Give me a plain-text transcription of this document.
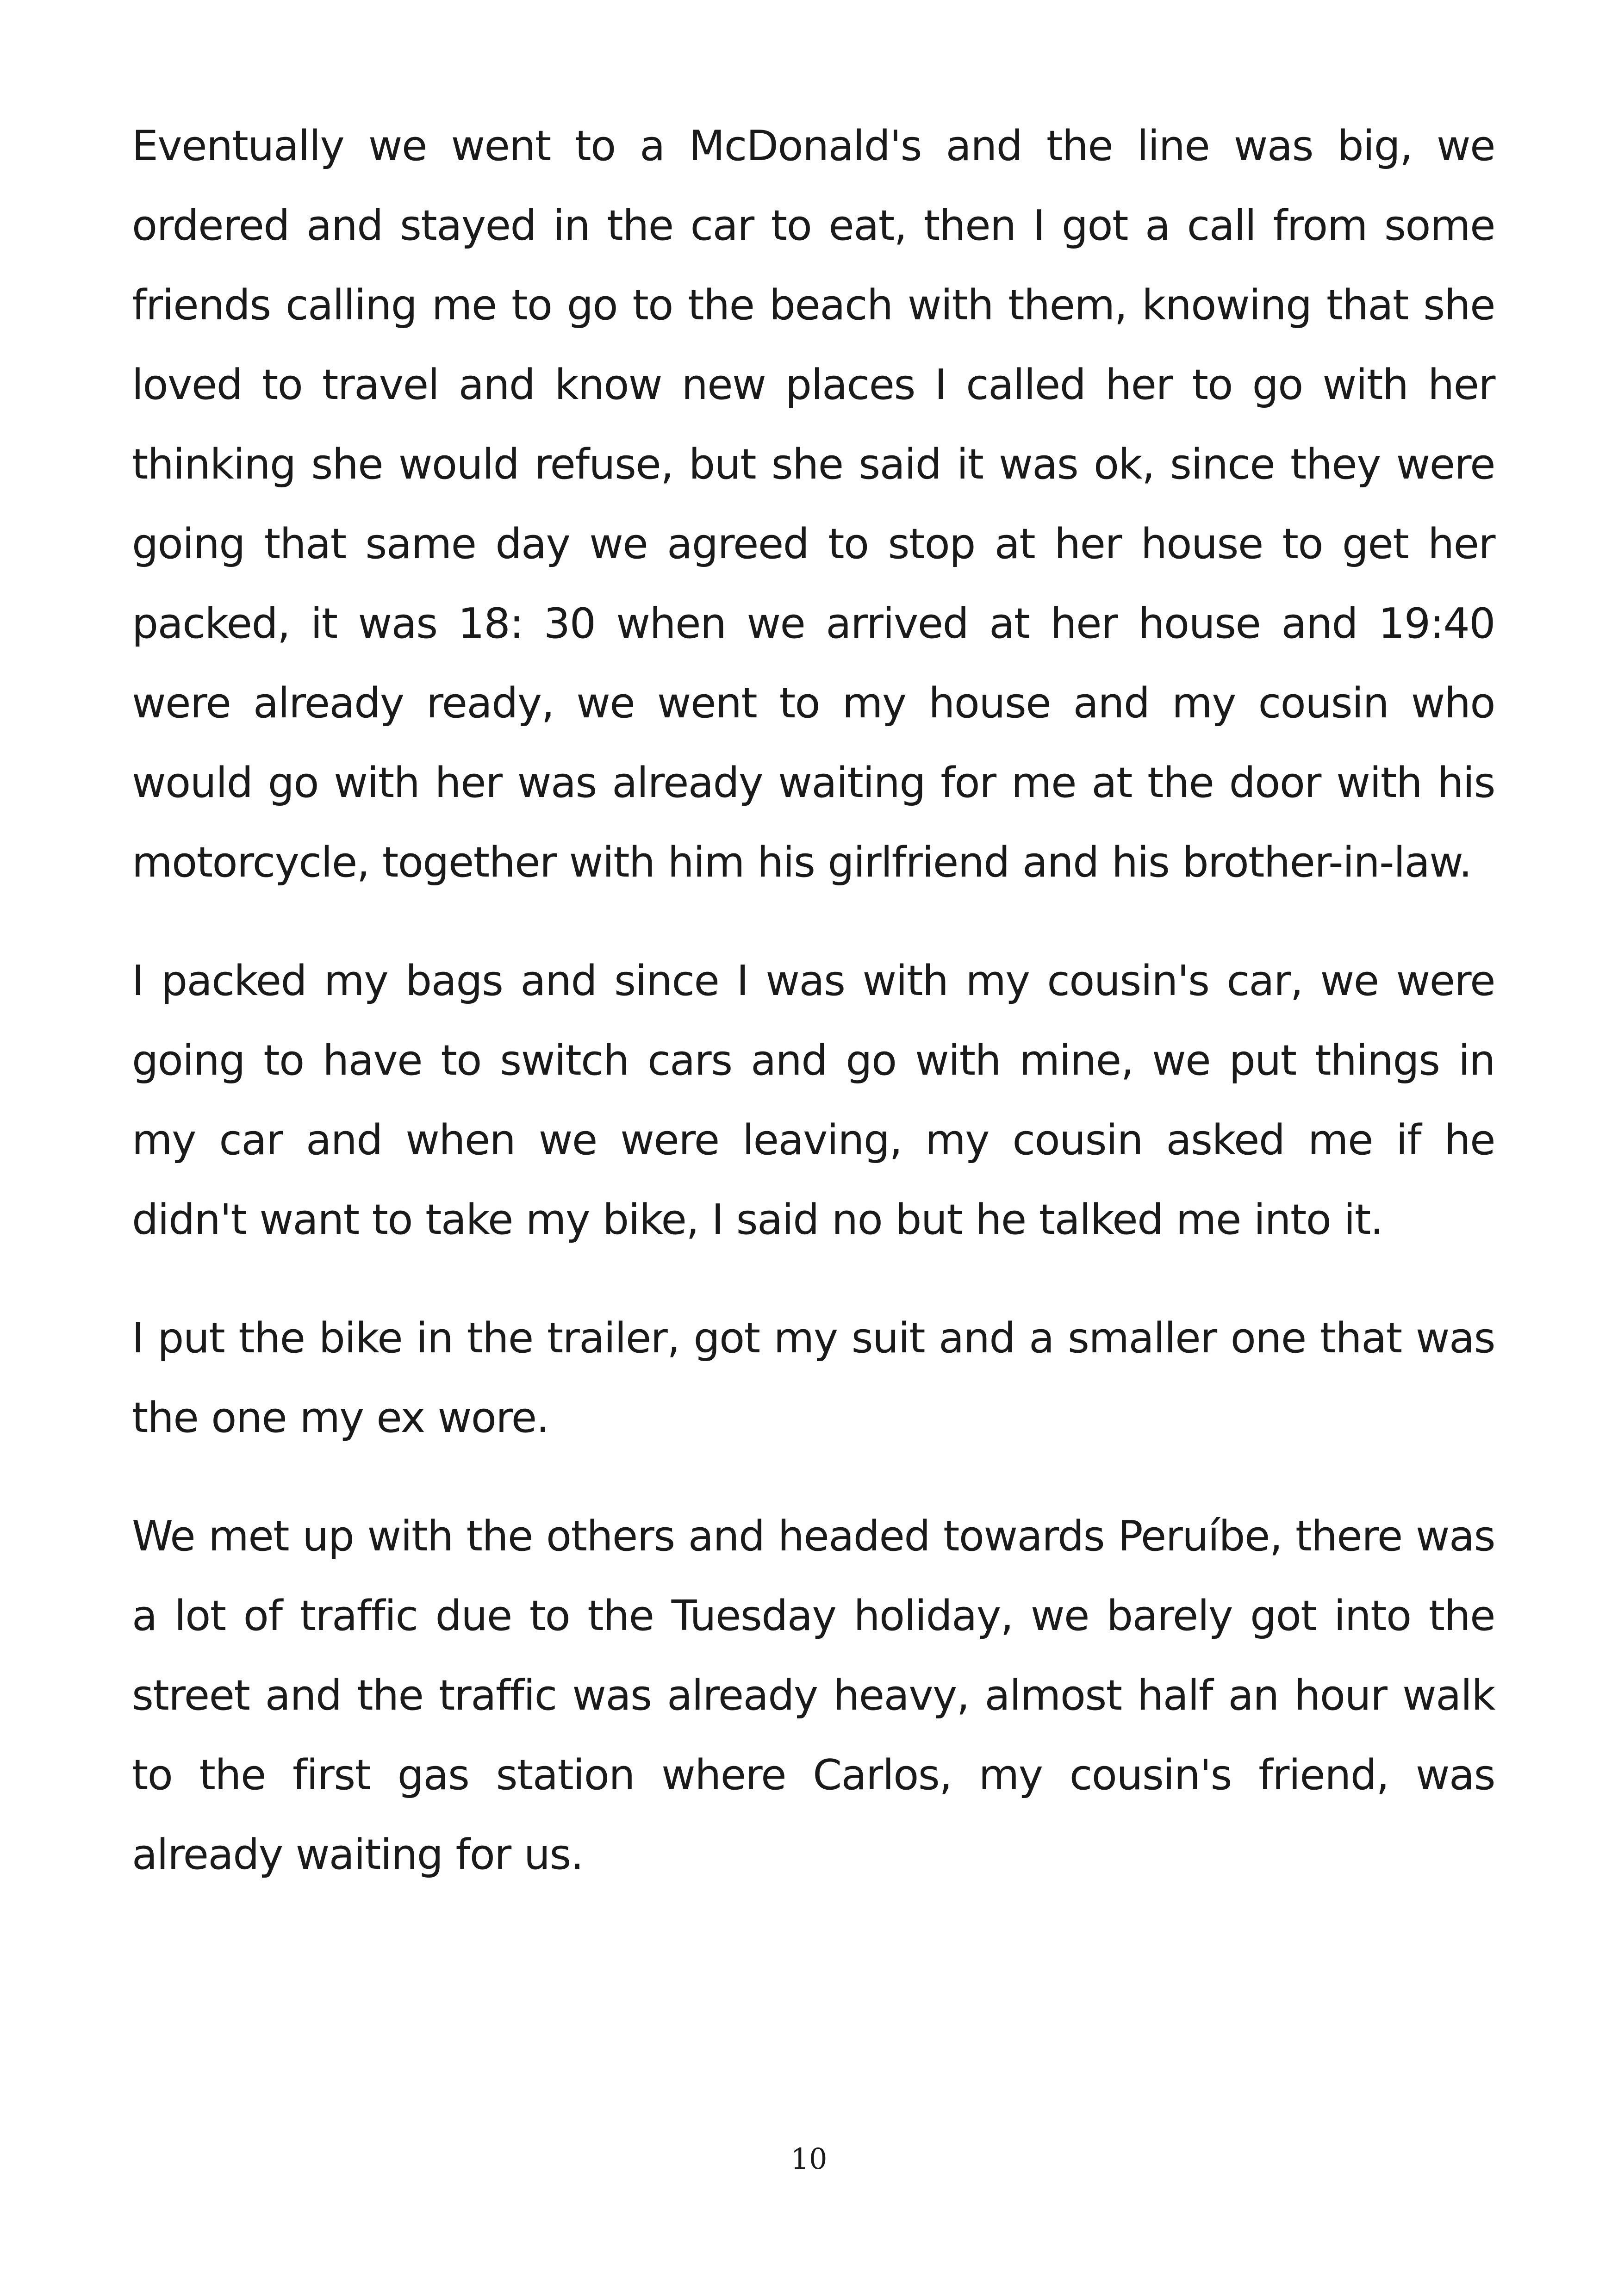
Eventually we went to a McDonald's and the line was big, we ordered and stayed in the car to eat, then I got a call from some friends calling me to go to the beach with them, knowing that she loved to travel and know new places I called her to go with her thinking she would refuse, but she said it was ok, since they were going that same day we agreed to stop at her house to get her packed, it was 18: 30 when we arrived at her house and 19:40 were already ready, we went to my house and my cousin who would go with her was already waiting for me at the door with his motorcycle, together with him his girlfriend and his brother-in-law.

I packed my bags and since I was with my cousin's car, we were going to have to switch cars and go with mine, we put things in my car and when we were leaving, my cousin asked me if he didn't want to take my bike, I said no but he talked me into it.

I put the bike in the trailer, got my suit and a smaller one that was the one my ex wore.

We met up with the others and headed towards Peruíbe, there was a lot of traffic due to the Tuesday holiday, we barely got into the street and the traffic was already heavy, almost half an hour walk to the first gas station where Carlos, my cousin's friend, was already waiting for us.

10
